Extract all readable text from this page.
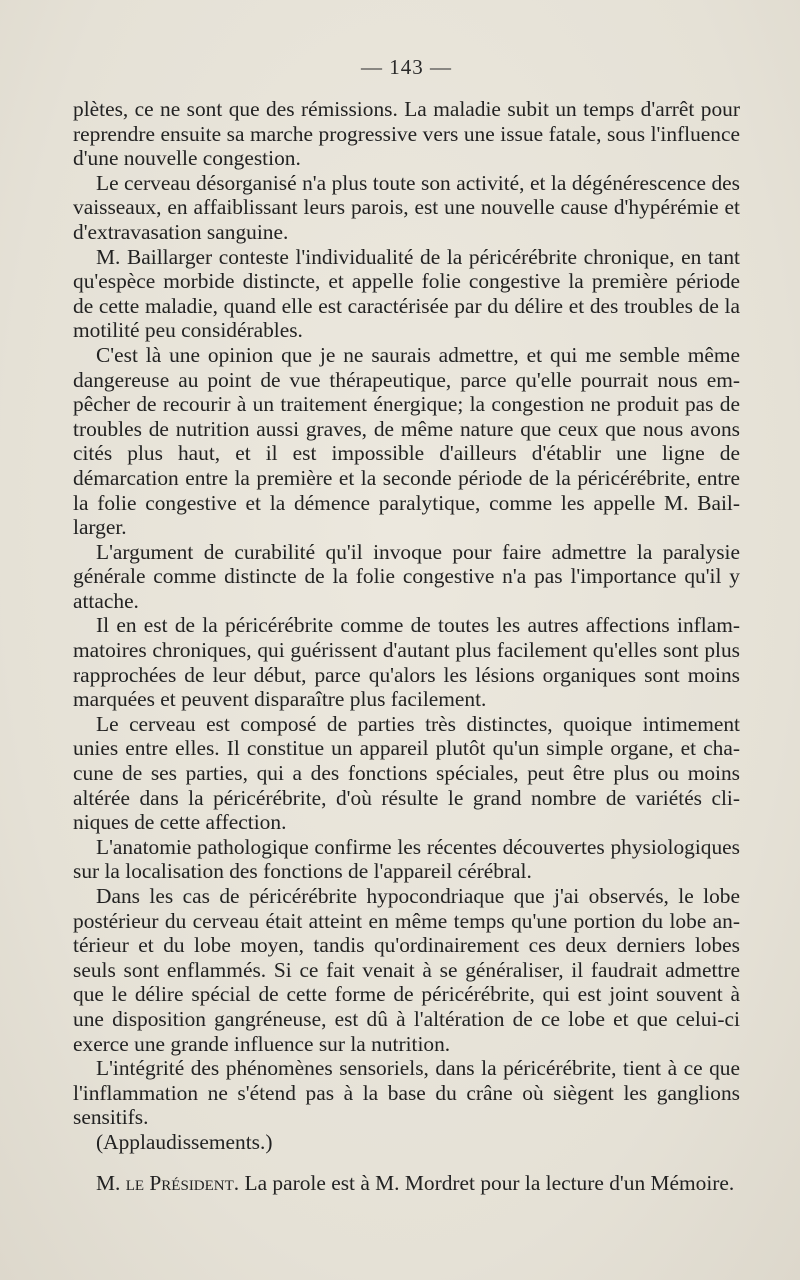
— 143 —

plètes, ce ne sont que des rémissions. La maladie subit un temps d'arrêt pour reprendre ensuite sa marche progressive vers une issue fatale, sous l'influence d'une nouvelle congestion.

Le cerveau désorganisé n'a plus toute son activité, et la dégénérescence des vaisseaux, en affaiblissant leurs parois, est une nouvelle cause d'hypérémie et d'extravasation sanguine.

M. Baillarger conteste l'individualité de la péricérébrite chronique, en tant qu'espèce morbide distincte, et appelle folie congestive la première période de cette maladie, quand elle est caractérisée par du délire et des troubles de la motilité peu considérables.

C'est là une opinion que je ne saurais admettre, et qui me semble même dangereuse au point de vue thérapeutique, parce qu'elle pourrait nous empêcher de recourir à un traitement énergique; la congestion ne produit pas de troubles de nutrition aussi graves, de même nature que ceux que nous avons cités plus haut, et il est impossible d'ailleurs d'établir une ligne de démarcation entre la première et la seconde période de la péricérébrite, entre la folie congestive et la démence paralytique, comme les appelle M. Baillarger.

L'argument de curabilité qu'il invoque pour faire admettre la paralysie générale comme distincte de la folie congestive n'a pas l'importance qu'il y attache.

Il en est de la péricérébrite comme de toutes les autres affections inflammatoires chroniques, qui guérissent d'autant plus facilement qu'elles sont plus rapprochées de leur début, parce qu'alors les lésions organiques sont moins marquées et peuvent disparaître plus facilement.

Le cerveau est composé de parties très distinctes, quoique intimement unies entre elles. Il constitue un appareil plutôt qu'un simple organe, et chacune de ses parties, qui a des fonctions spéciales, peut être plus ou moins altérée dans la péricérébrite, d'où résulte le grand nombre de variétés cliniques de cette affection.

L'anatomie pathologique confirme les récentes découvertes physiologiques sur la localisation des fonctions de l'appareil cérébral.

Dans les cas de péricérébrite hypocondriaque que j'ai observés, le lobe postérieur du cerveau était atteint en même temps qu'une portion du lobe antérieur et du lobe moyen, tandis qu'ordinairement ces deux derniers lobes seuls sont enflammés. Si ce fait venait à se généraliser, il faudrait admettre que le délire spécial de cette forme de péricérébrite, qui est joint souvent à une disposition gangréneuse, est dû à l'altération de ce lobe et que celui-ci exerce une grande influence sur la nutrition.

L'intégrité des phénomènes sensoriels, dans la péricérébrite, tient à ce que l'inflammation ne s'étend pas à la base du crâne où siègent les ganglions sensitifs.

(Applaudissements.)

M. le Président. La parole est à M. Mordret pour la lecture d'un Mémoire.
